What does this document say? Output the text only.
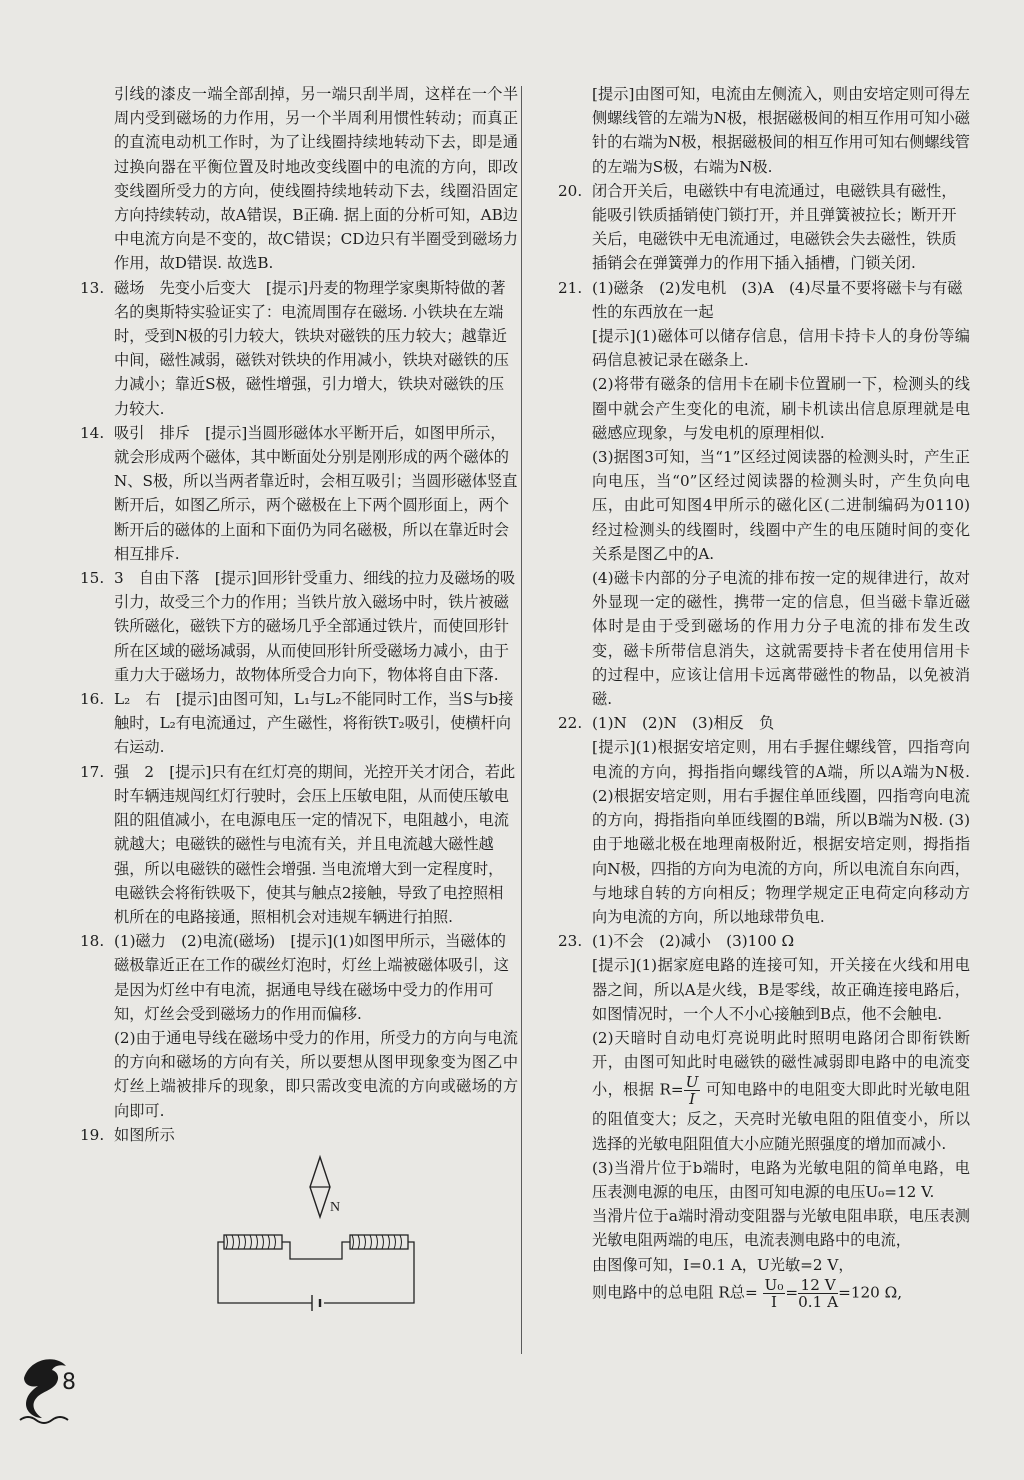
引线的漆皮一端全部刮掉，另一端只刮半周，这样在一个半周内受到磁场的力作用，另一个半周利用惯性转动；而真正的直流电动机工作时，为了让线圈持续地转动下去，即是通过换向器在平衡位置及时地改变线圈中的电流的方向，即改变线圈所受力的方向，使线圈持续地转动下去，线圈沿固定方向持续转动，故A错误，B正确. 据上面的分析可知，AB边中电流方向是不变的，故C错误；CD边只有半圈受到磁场力作用，故D错误. 故选B.

13. 磁场　先变小后变大　[提示]丹麦的物理学家奥斯特做的著名的奥斯特实验证实了：电流周围存在磁场. 小铁块在左端时，受到N极的引力较大，铁块对磁铁的压力较大；越靠近中间，磁性减弱，磁铁对铁块的作用减小，铁块对磁铁的压力减小；靠近S极，磁性增强，引力增大，铁块对磁铁的压力较大.

14. 吸引　排斥　[提示]当圆形磁体水平断开后，如图甲所示，就会形成两个磁体，其中断面处分别是刚形成的两个磁体的N、S极，所以当两者靠近时，会相互吸引；当圆形磁体竖直断开后，如图乙所示，两个磁极在上下两个圆形面上，两个断开后的磁体的上面和下面仍为同名磁极，所以在靠近时会相互排斥.

15. 3　自由下落　[提示]回形针受重力、细线的拉力及磁场的吸引力，故受三个力的作用；当铁片放入磁场中时，铁片被磁铁所磁化，磁铁下方的磁场几乎全部通过铁片，而使回形针所在区域的磁场减弱，从而使回形针所受磁场力减小，由于重力大于磁场力，故物体所受合力向下，物体将自由下落.

16. L₂　右　[提示]由图可知，L₁与L₂不能同时工作，当S与b接触时，L₂有电流通过，产生磁性，将衔铁T₂吸引，使横杆向右运动.

17. 强　2　[提示]只有在红灯亮的期间，光控开关才闭合，若此时车辆违规闯红灯行驶时，会压上压敏电阻，从而使压敏电阻的阻值减小，在电源电压一定的情况下，电阻越小，电流就越大；电磁铁的磁性与电流有关，并且电流越大磁性越强，所以电磁铁的磁性会增强. 当电流增大到一定程度时，电磁铁会将衔铁吸下，使其与触点2接触，导致了电控照相机所在的电路接通，照相机会对违规车辆进行拍照.

18. (1)磁力　(2)电流(磁场)　[提示](1)如图甲所示，当磁体的磁极靠近正在工作的碳丝灯泡时，灯丝上端被磁体吸引，这是因为灯丝中有电流，据通电导线在磁场中受力的作用可知，灯丝会受到磁场力的作用而偏移.

(2)由于通电导线在磁场中受力的作用，所受力的方向与电流的方向和磁场的方向有关，所以要想从图甲现象变为图乙中灯丝上端被排斥的现象，即只需改变电流的方向或磁场的方向即可.

19. 如图所示

N

[提示]由图可知，电流由左侧流入，则由安培定则可得左侧螺线管的左端为N极，根据磁极间的相互作用可知小磁针的右端为N极，根据磁极间的相互作用可知右侧螺线管的左端为S极，右端为N极.

20. 闭合开关后，电磁铁中有电流通过，电磁铁具有磁性，能吸引铁质插销使门锁打开，并且弹簧被拉长；断开开关后，电磁铁中无电流通过，电磁铁会失去磁性，铁质插销会在弹簧弹力的作用下插入插槽，门锁关闭.

21. (1)磁条　(2)发电机　(3)A　(4)尽量不要将磁卡与有磁性的东西放在一起

[提示](1)磁体可以储存信息，信用卡持卡人的身份等编码信息被记录在磁条上.

(2)将带有磁条的信用卡在刷卡位置刷一下，检测头的线圈中就会产生变化的电流，刷卡机读出信息原理就是电磁感应现象，与发电机的原理相似.

(3)据图3可知，当“1”区经过阅读器的检测头时，产生正向电压，当“0”区经过阅读器的检测头时，产生负向电压，由此可知图4甲所示的磁化区(二进制编码为0110)经过检测头的线圈时，线圈中产生的电压随时间的变化关系是图乙中的A.

(4)磁卡内部的分子电流的排布按一定的规律进行，故对外显现一定的磁性，携带一定的信息，但当磁卡靠近磁体时是由于受到磁场的作用力分子电流的排布发生改变，磁卡所带信息消失，这就需要持卡者在使用信用卡的过程中，应该让信用卡远离带磁性的物品，以免被消磁.

22. (1)N　(2)N　(3)相反　负

[提示](1)根据安培定则，用右手握住螺线管，四指弯向电流的方向，拇指指向螺线管的A端，所以A端为N极. (2)根据安培定则，用右手握住单匝线圈，四指弯向电流的方向，拇指指向单匝线圈的B端，所以B端为N极. (3)由于地磁北极在地理南极附近，根据安培定则，拇指指向N极，四指的方向为电流的方向，所以电流自东向西，与地球自转的方向相反；物理学规定正电荷定向移动方向为电流的方向，所以地球带负电.

23. (1)不会　(2)减小　(3)100 Ω

[提示](1)据家庭电路的连接可知，开关接在火线和用电器之间，所以A是火线，B是零线，故正确连接电路后，如图情况时，一个人不小心接触到B点，他不会触电.

(2)天暗时自动电灯亮说明此时照明电路闭合即衔铁断开，由图可知此时电磁铁的磁性减弱即电路中的电流变小，根据 $R= \frac{U}{I}$ 可知电路中的电阻变大即此时光敏电阻的阻值变大；反之，天亮时光敏电阻的阻值变小，所以选择的光敏电阻阻值大小应随光照强度的增加而减小.

(3)当滑片位于b端时，电路为光敏电阻的简单电路，电压表测电源的电压，由图可知电源的电压U₀=12 V.

当滑片位于a端时滑动变阻器与光敏电阻串联，电压表测光敏电阻两端的电压，电流表测电路中的电流，

由图像可知，I=0.1 A，U光敏=2 V，

则电路中的总电阻 R总= $\frac{\text{U₀}}{I} = \frac{12 V}{0.1 A} =120$ Ω,

8
